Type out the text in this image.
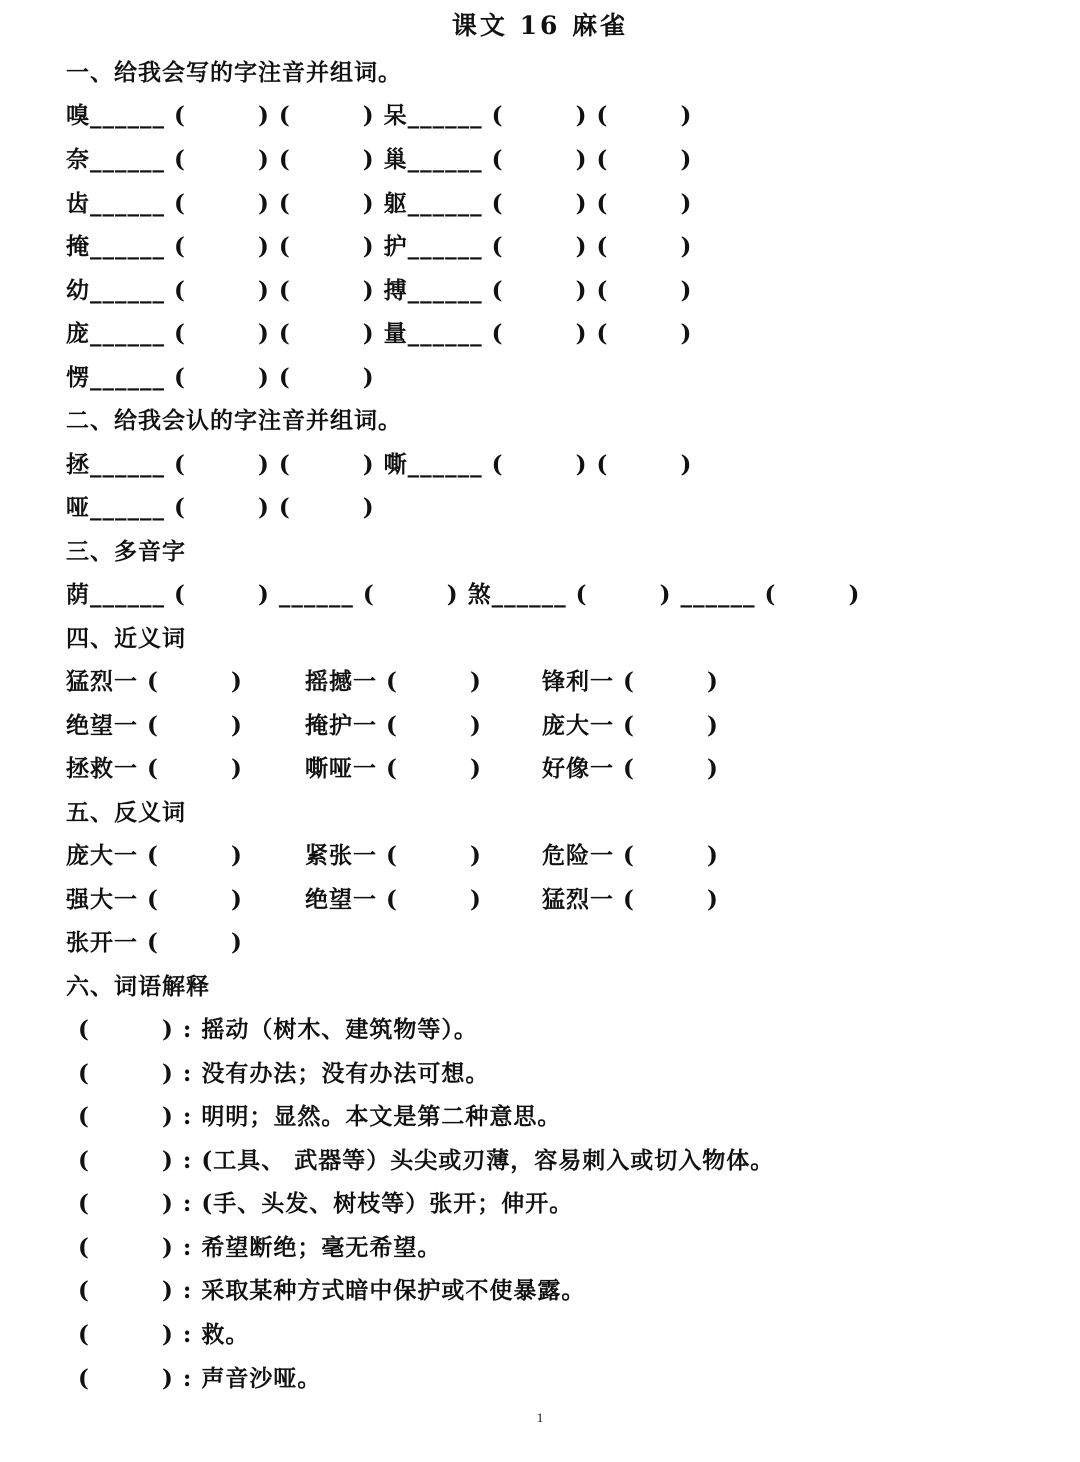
课文 16 麻雀
一、给我会写的字注音并组词。
嗅______ (        ) (        ) 呆______ (        ) (        )
奈______ (        ) (        ) 巢______ (        ) (        )
齿______ (        ) (        ) 躯______ (        ) (        )
掩______ (        ) (        ) 护______ (        ) (        )
幼______ (        ) (        ) 搏______ (        ) (        )
庞______ (        ) (        ) 量______ (        ) (        )
愣______ (        ) (        )
二、给我会认的字注音并组词。
拯______ (        ) (        ) 嘶______ (        ) (        )
哑______ (        ) (        )
三、多音字
荫______ (        ) ______ (        ) 煞______ (        ) ______ (        )
四、近义词
猛烈一 (        )	摇撼一 (        )	锋利一 (        )
绝望一 (        )	掩护一 (        )	庞大一 (        )
拯救一 (        )	嘶哑一 (        )	好像一 (        )
五、反义词
庞大一 (        )	紧张一 (        )	危险一 (        )
强大一 (        )	绝望一 (        )	猛烈一 (        )
张开一 (        )
六、词语解释
(        ) : 摇动（树木、建筑物等）。
(        ) : 没有办法；没有办法可想。
(        ) : 明明；显然。本文是第二种意思。
(        ) : (工具、 武器等）头尖或刃薄，容易刺入或切入物体。
(        ) : (手、头发、树枝等）张开；伸开。
(        ) : 希望断绝；毫无希望。
(        ) : 采取某种方式暗中保护或不使暴露。
(        ) : 救。
(        ) : 声音沙哑。
1
